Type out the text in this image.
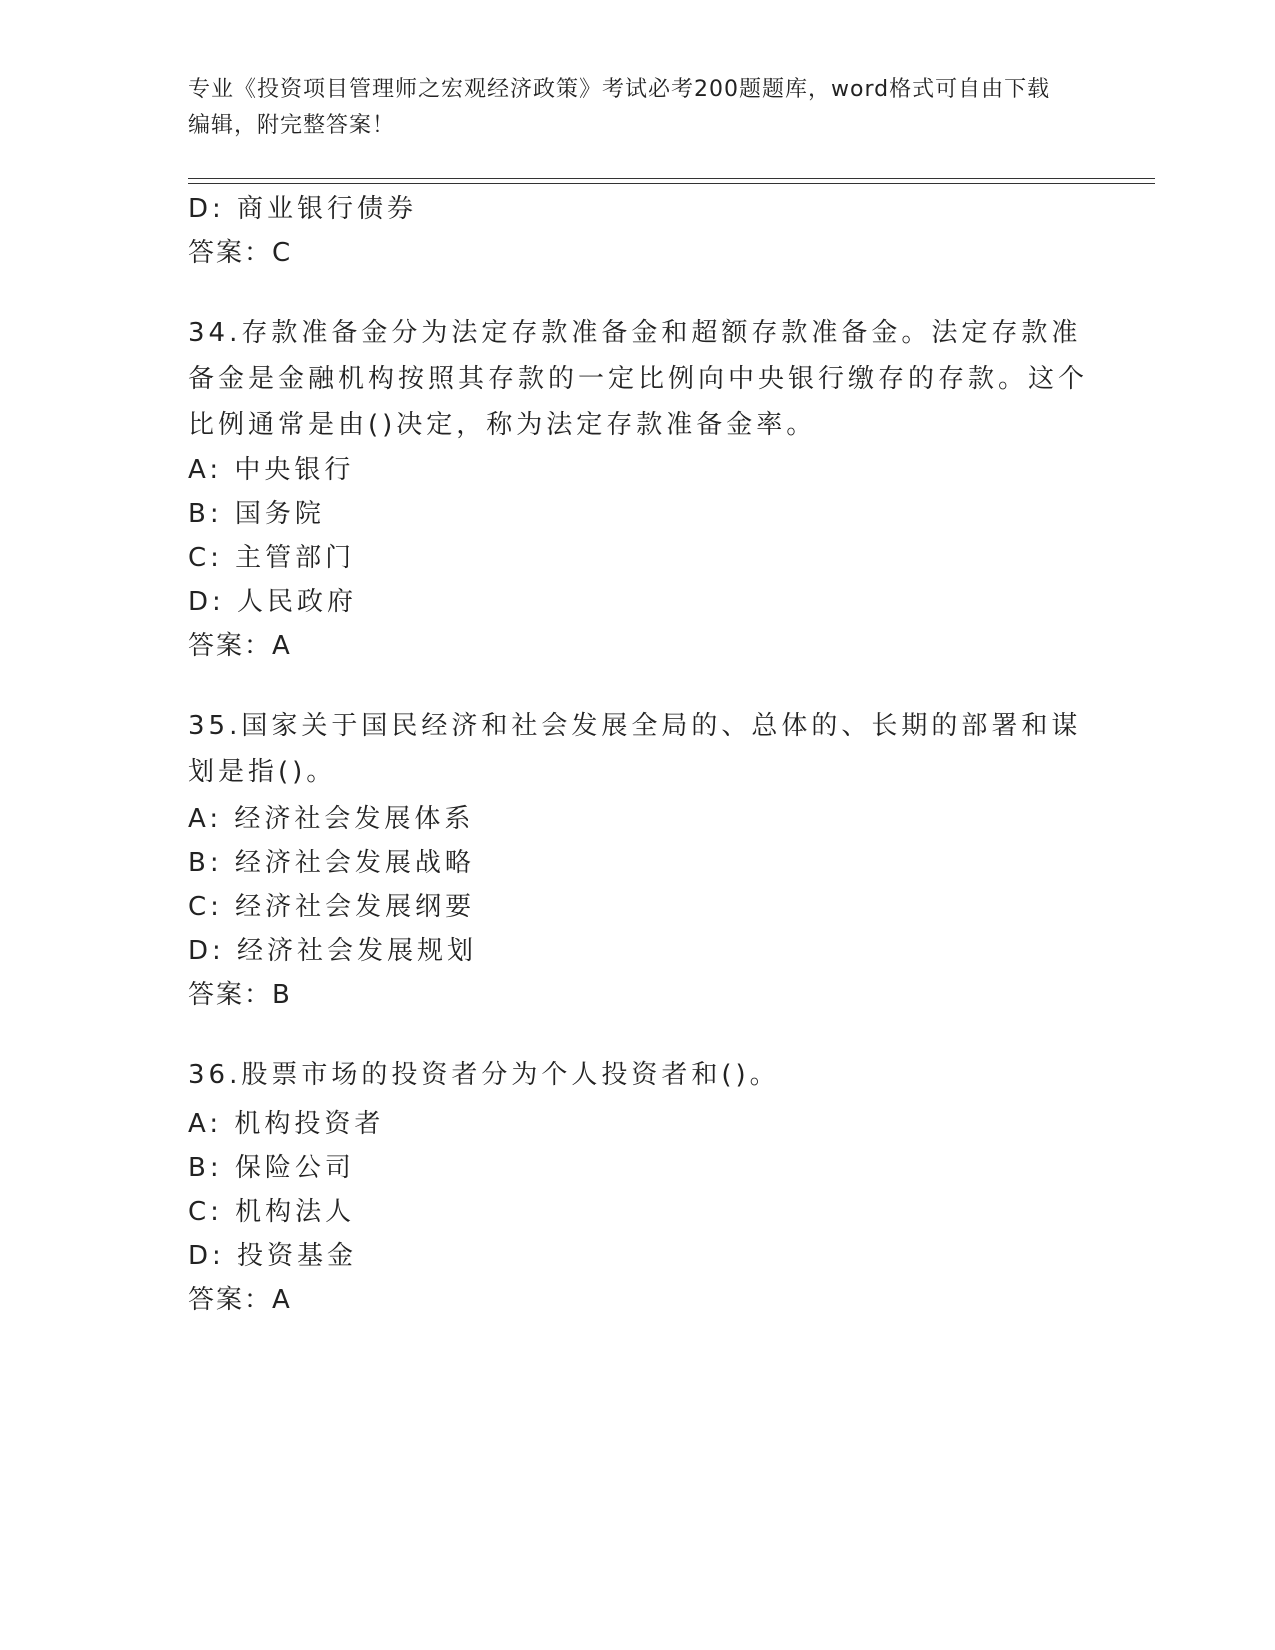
专业《投资项目管理师之宏观经济政策》考试必考200题题库，word格式可自由下载编辑，附完整答案！
D: 商业银行债券
答案：C
34.存款准备金分为法定存款准备金和超额存款准备金。法定存款准备金是金融机构按照其存款的一定比例向中央银行缴存的存款。这个比例通常是由()决定，称为法定存款准备金率。
A: 中央银行
B: 国务院
C: 主管部门
D: 人民政府
答案：A
35.国家关于国民经济和社会发展全局的、总体的、长期的部署和谋划是指()。
A: 经济社会发展体系
B: 经济社会发展战略
C: 经济社会发展纲要
D: 经济社会发展规划
答案：B
36.股票市场的投资者分为个人投资者和()。
A: 机构投资者
B: 保险公司
C: 机构法人
D: 投资基金
答案：A
